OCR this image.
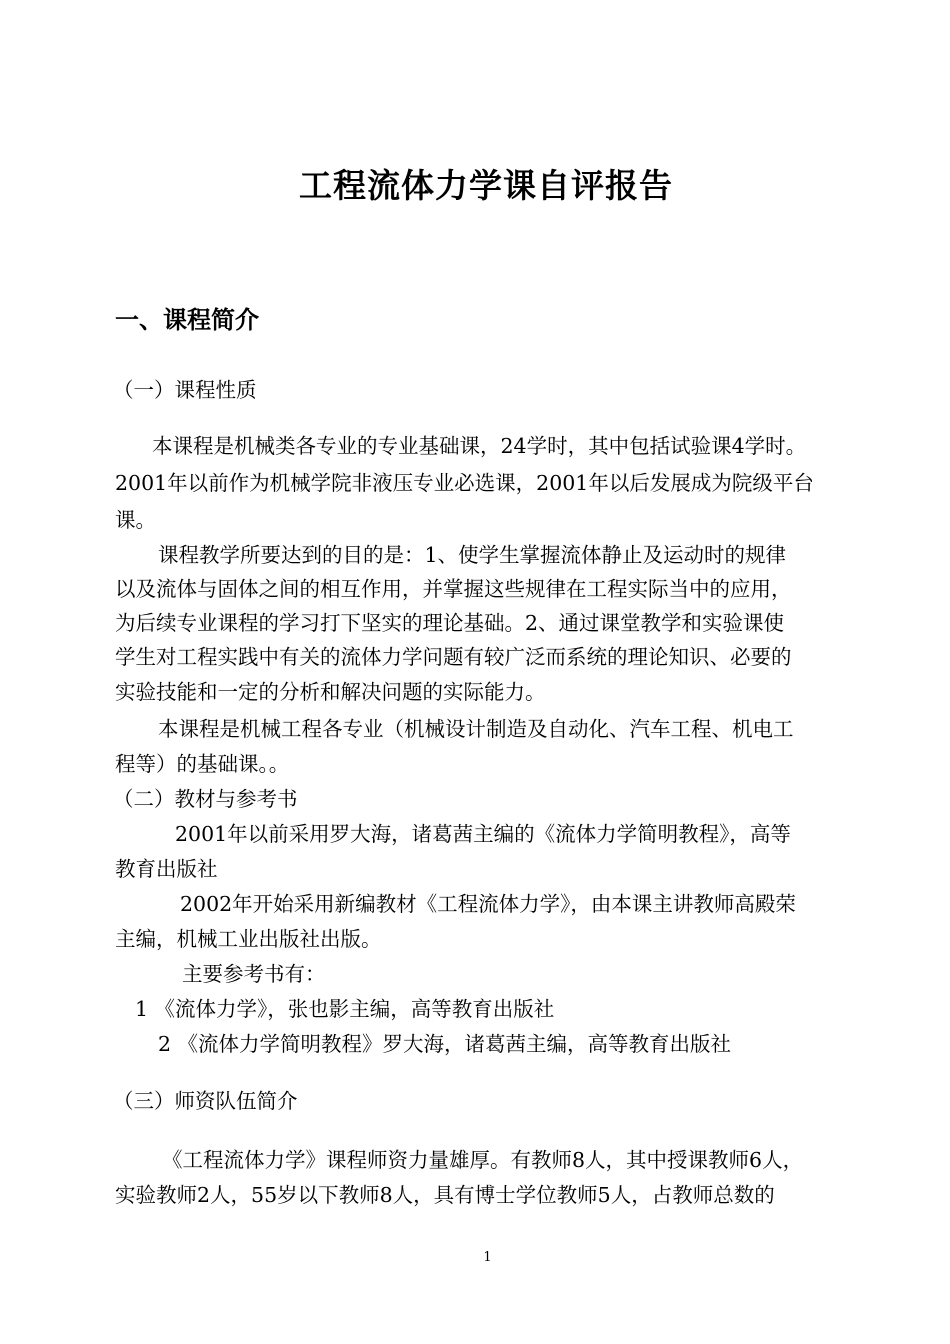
工程流体力学课自评报告
一、课程简介
（一）课程性质
本课程是机械类各专业的专业基础课，24学时，其中包括试验课4学时。
2001年以前作为机械学院非液压专业必选课，2001年以后发展成为院级平台
课。
课程教学所要达到的目的是：1、使学生掌握流体静止及运动时的规律
以及流体与固体之间的相互作用，并掌握这些规律在工程实际当中的应用，
为后续专业课程的学习打下坚实的理论基础。2、通过课堂教学和实验课使
学生对工程实践中有关的流体力学问题有较广泛而系统的理论知识、必要的
实验技能和一定的分析和解决问题的实际能力。
本课程是机械工程各专业（机械设计制造及自动化、汽车工程、机电工
程等）的基础课。。
（二）教材与参考书
2001年以前采用罗大海，诸葛茜主编的《流体力学简明教程》，高等
教育出版社
2002年开始采用新编教材《工程流体力学》，由本课主讲教师高殿荣
主编，机械工业出版社出版。
主要参考书有：
1 《流体力学》，张也影主编，高等教育出版社
2 《流体力学简明教程》罗大海，诸葛茜主编，高等教育出版社
（三）师资队伍简介
《工程流体力学》课程师资力量雄厚。有教师8人，其中授课教师6人，
实验教师2人，55岁以下教师8人，具有博士学位教师5人，占教师总数的
1
